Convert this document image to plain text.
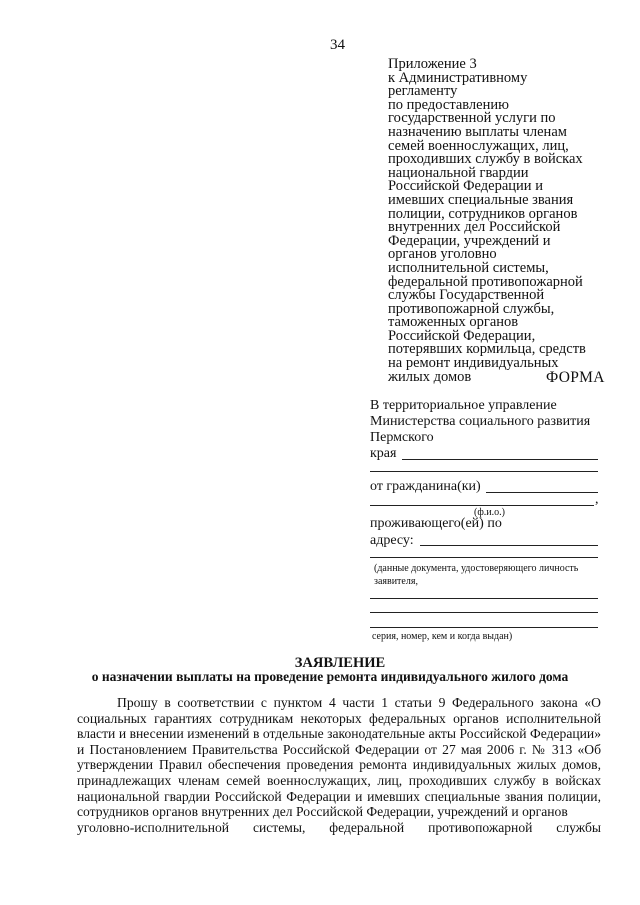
34
Приложение 3
к Административному
регламенту
по предоставлению
государственной услуги по
назначению выплаты членам
семей военнослужащих, лиц,
проходивших службу в войсках
национальной гвардии
Российской Федерации и
имевших специальные звания
полиции, сотрудников органов
внутренних дел Российской
Федерации, учреждений и
органов уголовно
исполнительной системы,
федеральной противопожарной
службы Государственной
противопожарной службы,
таможенных органов
Российской Федерации,
потерявших кормильца, средств
на ремонт индивидуальных
жилых домов	ФОРМА
В территориальное управление
Министерства социального развития
Пермского
края
от гражданина(ки)
,
(ф.и.о.)
проживающего(ей) по
адресу:
(данные документа, удостоверяющего личность
заявителя,
серия, номер, кем и когда выдан)
ЗАЯВЛЕНИЕ
о назначении выплаты на проведение ремонта индивидуального жилого дома

Прошу в соответствии с пунктом 4 части 1 статьи 9 Федерального закона «О социальных гарантиях сотрудникам некоторых федеральных органов исполнительной власти и внесении изменений в отдельные законодательные акты Российской Федерации» и Постановлением Правительства Российской Федерации от 27 мая 2006 г. № 313 «Об утверждении Правил обеспечения проведения ремонта индивидуальных жилых домов, принадлежащих членам семей военнослужащих, лиц, проходивших службу в войсках национальной гвардии Российской Федерации и имевших специальные звания полиции, сотрудников органов внутренних дел Российской Федерации, учреждений и органов

уголовно-исполнительной системы, федеральной противопожарной службы
